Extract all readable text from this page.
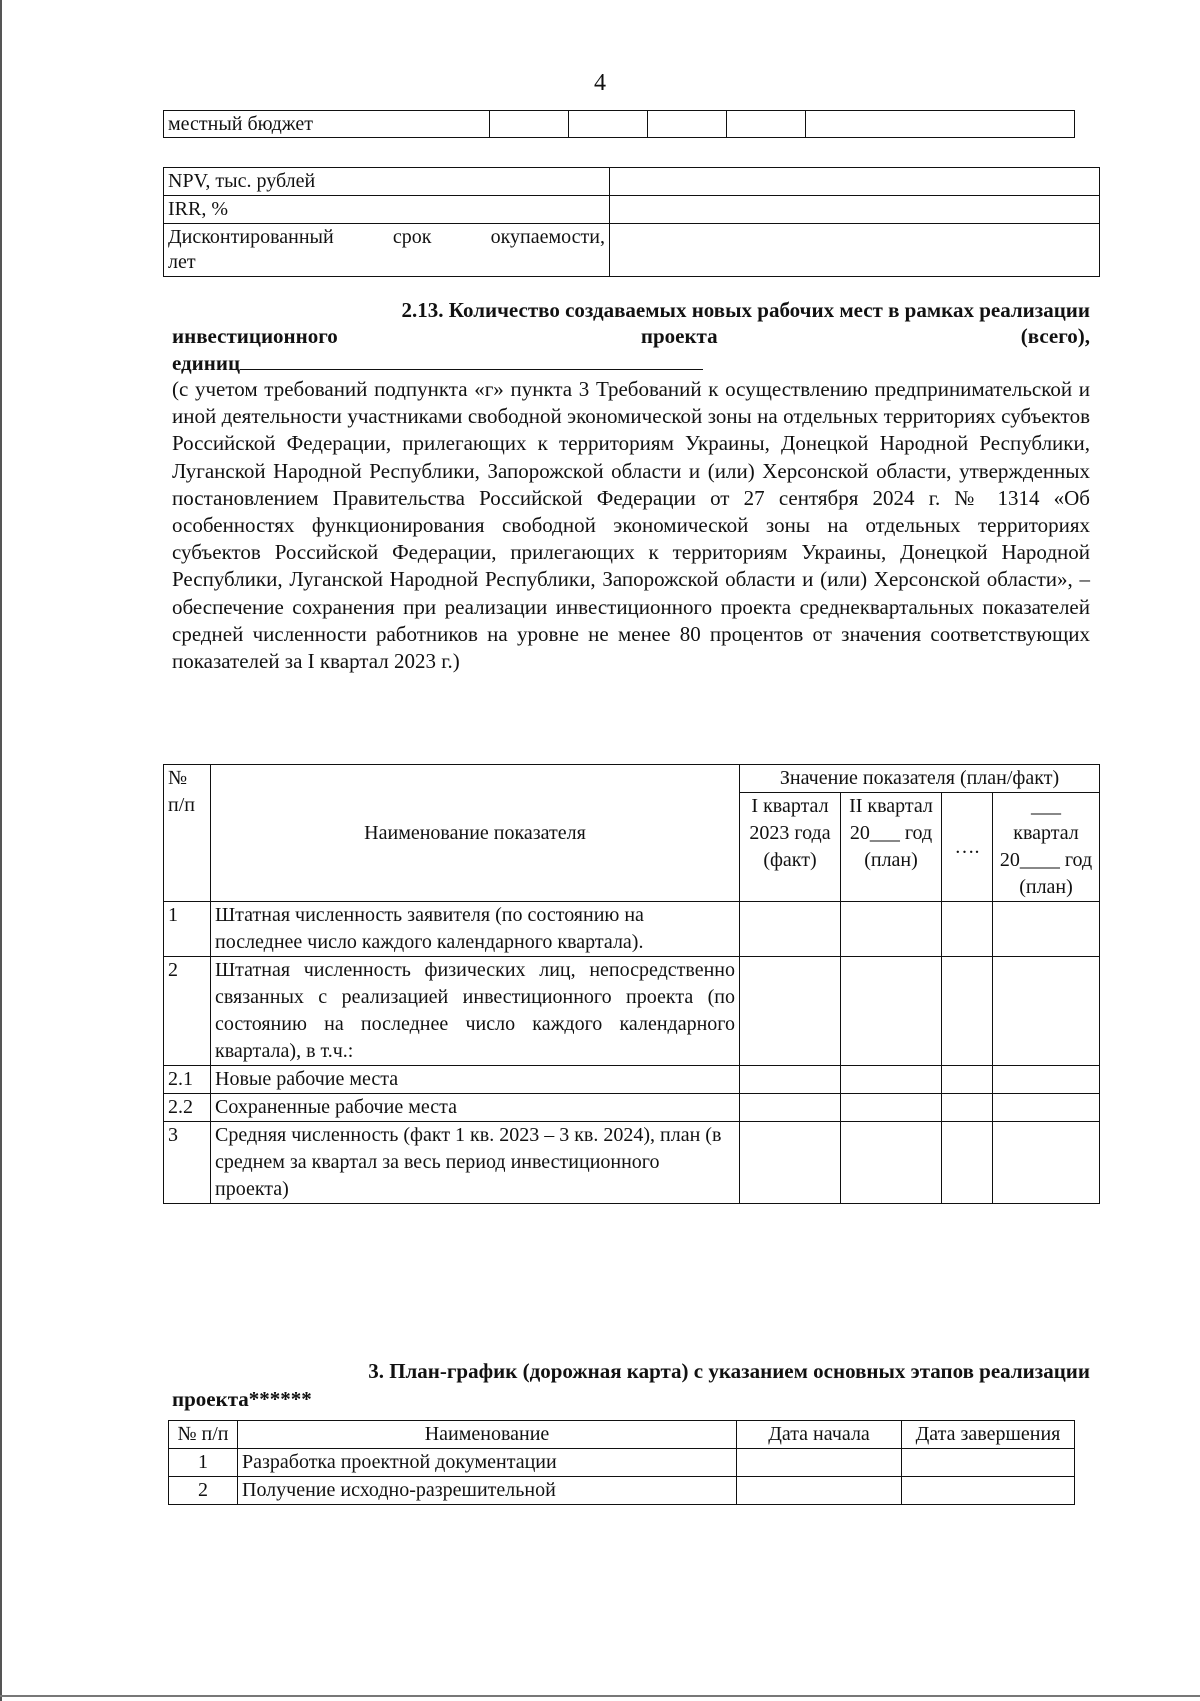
4
местный бюджет					
NPV, тыс. рублей	
IRR, %	

Дисконтированный срок окупаемости,
лет	

2.13. Количество создаваемых новых рабочих мест в рамках реализации
инвестиционного	проекта	(всего),
единиц
(с учетом требований подпункта «г» пункта 3 Требований к осуществлению предпринимательской и иной деятельности участниками свободной экономической зоны на отдельных территориях субъектов Российской Федерации, прилегающих к территориям Украины, Донецкой Народной Республики, Луганской Народной Республики, Запорожской области и (или) Херсонской области, утвержденных постановлением Правительства Российской Федерации от 27 сентября 2024 г. № 1314 «Об особенностях функционирования свободной экономической зоны на отдельных территориях субъектов Российской Федерации, прилегающих к территориям Украины, Донецкой Народной Республики, Луганской Народной Республики, Запорожской области и (или) Херсонской области», – обеспечение сохранения при реализации инвестиционного проекта среднеквартальных показателей средней численности работников на уровне не менее 80 процентов от значения соответствующих показателей за I квартал 2023 г.)
№ п/п	Наименование показателя	Значение показателя (план/факт)			
		I квартал 2023 года (факт)	II квартал 20___ год (план)	….	___ квартал 20____ год (план)
1	Штатная численность заявителя (по состоянию на последнее число каждого календарного квартала).				
2	Штатная численность физических лиц, непосредственно связанных с реализацией инвестиционного проекта (по состоянию на последнее число каждого календарного квартала), в т.ч.:				
2.1	Новые рабочие места				
2.2	Сохраненные рабочие места				
3	Средняя численность (факт 1 кв. 2023 – 3 кв. 2024), план (в среднем за квартал за весь период инвестиционного проекта)				
3. План-график (дорожная карта) с указанием основных этапов реализации
проекта******
№ п/п	Наименование	Дата начала	Дата завершения
1	Разработка проектной документации		
2	Получение исходно-разрешительной		
